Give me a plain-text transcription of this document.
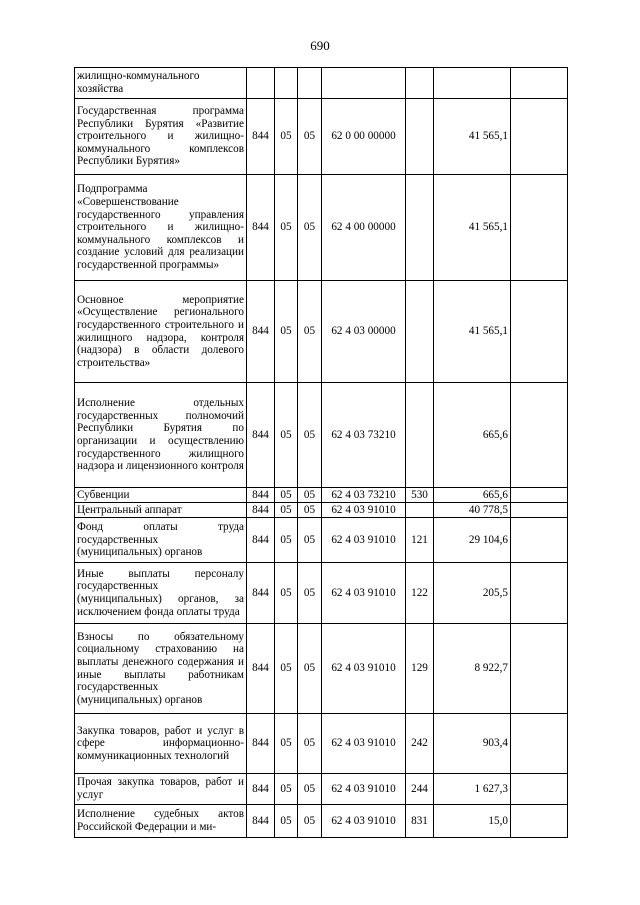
690
жилищно-коммунального хозяйства							
Государственная программа Республики Бурятия «Развитие строительного и жилищно-коммунального комплексов Республики Бурятия»	844	05	05	62 0 00 00000		41 565,1	
Подпрограмма «Совершенствование государственного управления строительного и жилищно-коммунального комплексов и создание условий для реализации государственной программы»	844	05	05	62 4 00 00000		41 565,1	
Основное мероприятие «Осуществление регионального государственного строительного и жилищного надзора, контроля (надзора) в области долевого строительства»	844	05	05	62 4 03 00000		41 565,1	
Исполнение отдельных государственных полномочий Республики Бурятия по организации и осуществлению государственного жилищного надзора и лицензионного контроля	844	05	05	62 4 03 73210		665,6	
Субвенции	844	05	05	62 4 03 73210	530	665,6	
Центральный аппарат	844	05	05	62 4 03 91010		40 778,5	
Фонд оплаты труда государственных (муниципальных) органов	844	05	05	62 4 03 91010	121	29 104,6	
Иные выплаты персоналу государственных (муниципальных) органов, за исключением фонда оплаты труда	844	05	05	62 4 03 91010	122	205,5	
Взносы по обязательному социальному страхованию на выплаты денежного содержания и иные выплаты работникам государственных (муниципальных) органов	844	05	05	62 4 03 91010	129	8 922,7	
Закупка товаров, работ и услуг в сфере информационно-коммуникационных технологий	844	05	05	62 4 03 91010	242	903,4	
Прочая закупка товаров, работ и услуг	844	05	05	62 4 03 91010	244	1 627,3	
Исполнение судебных актов Российской Федерации и ми-	844	05	05	62 4 03 91010	831	15,0	
